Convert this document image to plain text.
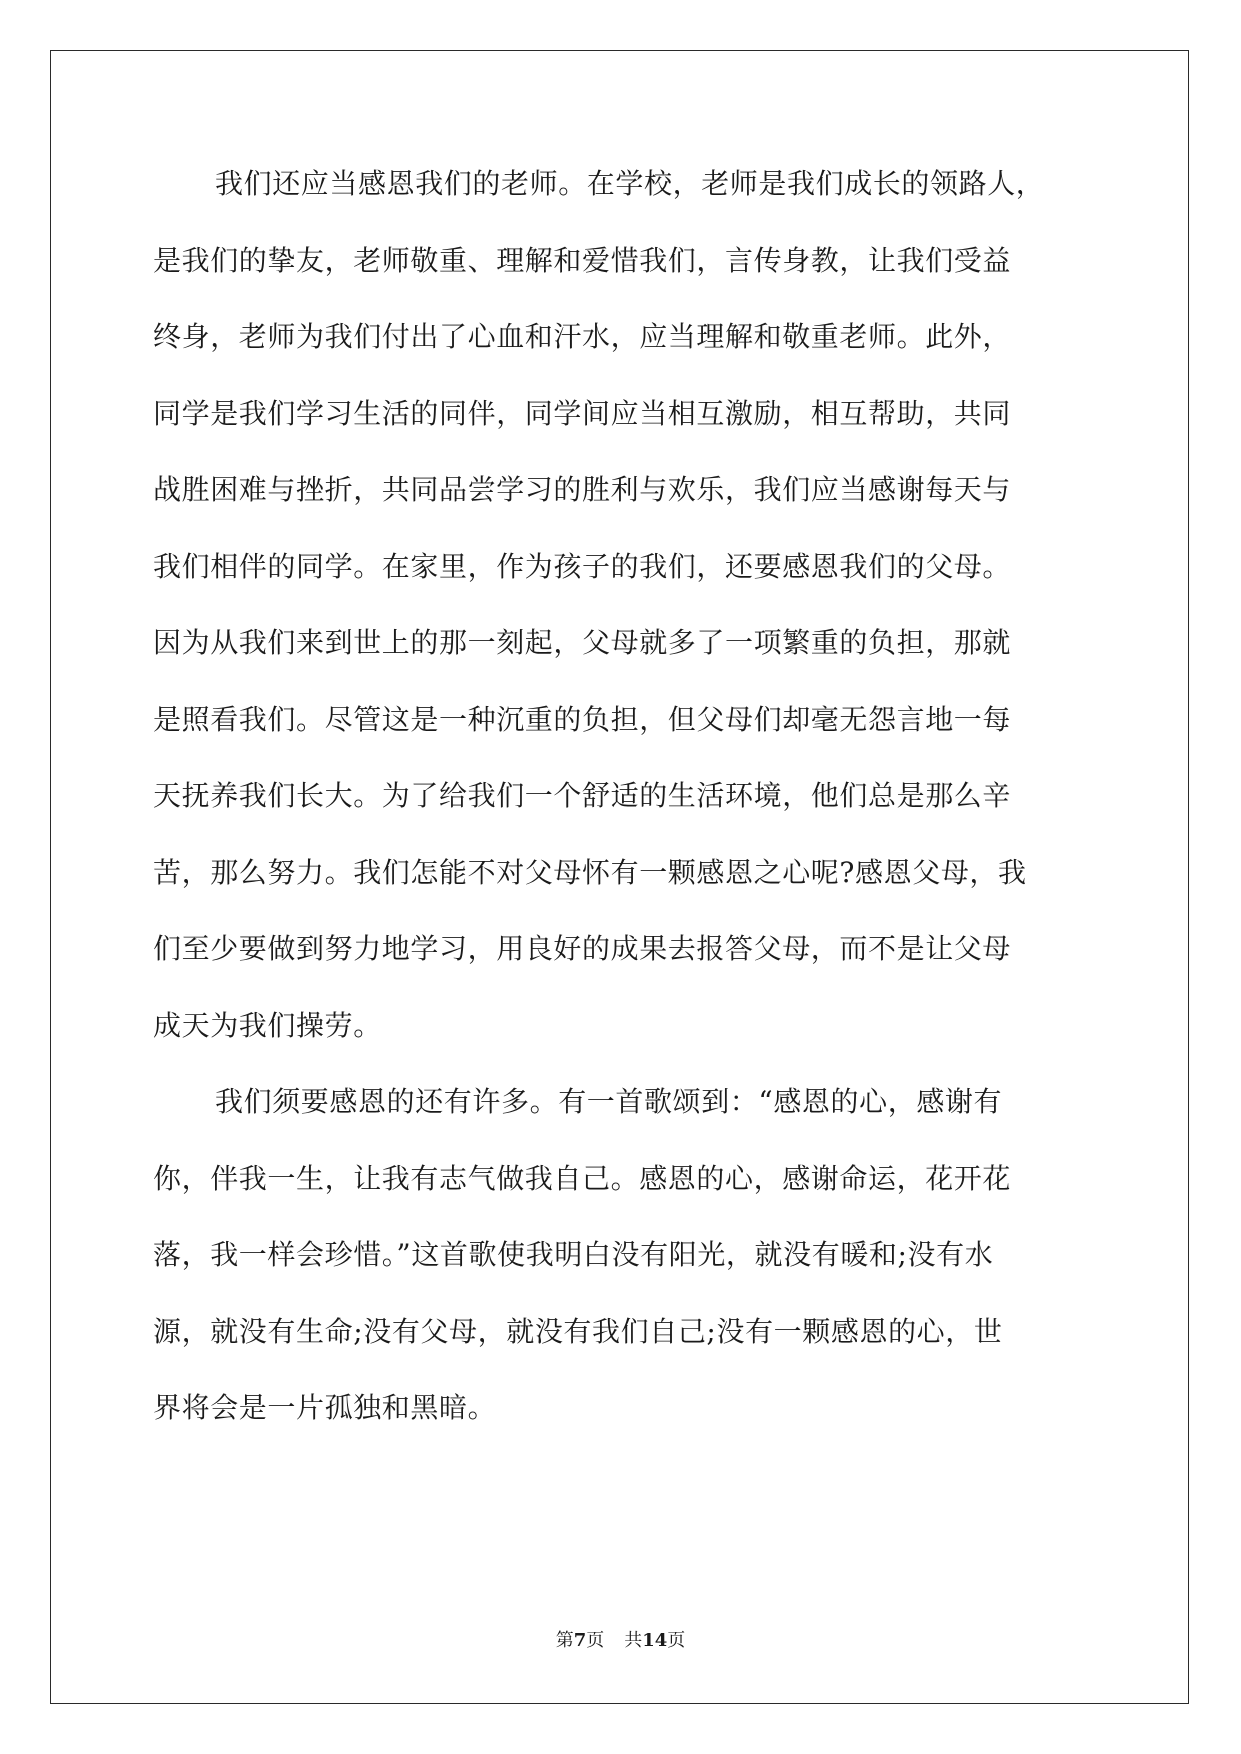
我们还应当感恩我们的老师。在学校，老师是我们成长的领路人，
是我们的挚友，老师敬重、理解和爱惜我们，言传身教，让我们受益
终身，老师为我们付出了心血和汗水，应当理解和敬重老师。此外，
同学是我们学习生活的同伴，同学间应当相互激励，相互帮助，共同
战胜困难与挫折，共同品尝学习的胜利与欢乐，我们应当感谢每天与
我们相伴的同学。在家里，作为孩子的我们，还要感恩我们的父母。
因为从我们来到世上的那一刻起，父母就多了一项繁重的负担，那就
是照看我们。尽管这是一种沉重的负担，但父母们却毫无怨言地一每
天抚养我们长大。为了给我们一个舒适的生活环境，他们总是那么辛
苦，那么努力。我们怎能不对父母怀有一颗感恩之心呢?感恩父母，我
们至少要做到努力地学习，用良好的成果去报答父母，而不是让父母
成天为我们操劳。
我们须要感恩的还有许多。有一首歌颂到：“感恩的心，感谢有
你，伴我一生，让我有志气做我自己。感恩的心，感谢命运，花开花
落，我一样会珍惜。”这首歌使我明白没有阳光，就没有暖和;没有水
源，就没有生命;没有父母，就没有我们自己;没有一颗感恩的心，世
界将会是一片孤独和黑暗。
第7页 共14页
